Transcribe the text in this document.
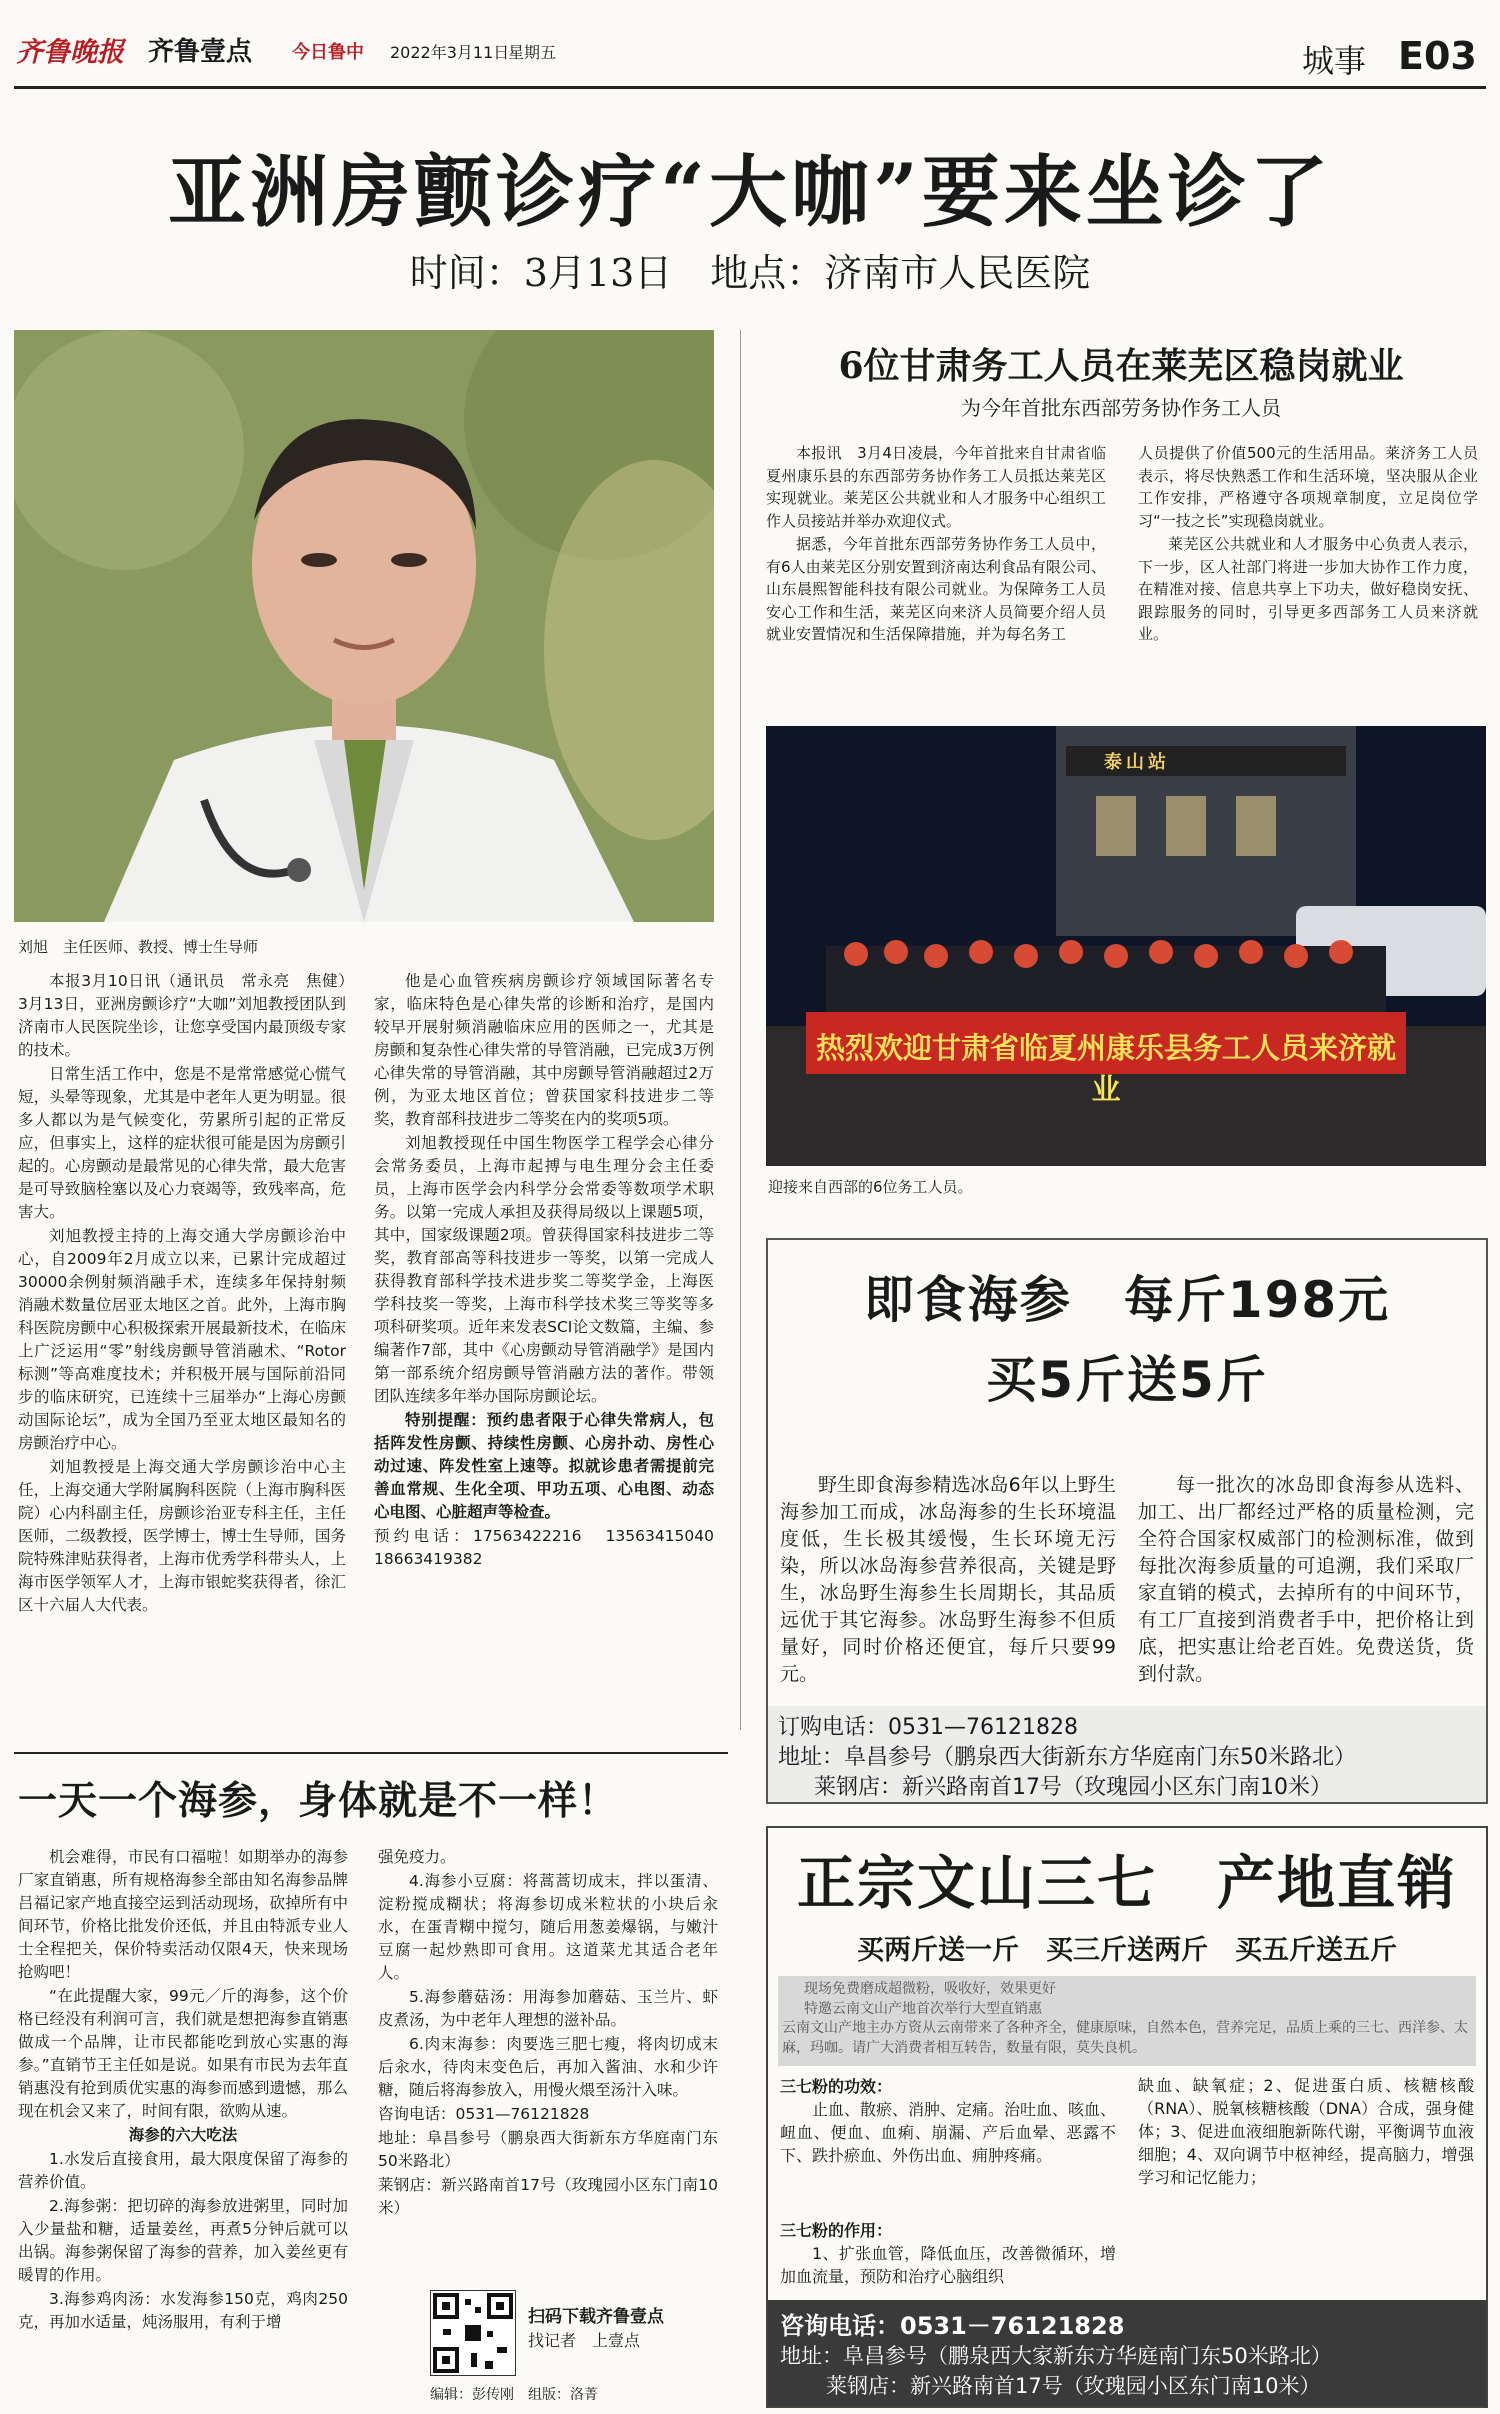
齐鲁晚报 齐鲁壹点 今日鲁中 2022年3月11日
星期五	城事 E03
亚洲房颤诊疗“大咖”要来坐诊了
时间：3月13日　地点：济南市人民医院
刘旭　主任医师、教授、博士生导师

本报3月10日讯（通讯员　常永亮　焦健）　3月13日，亚洲房颤诊疗“大咖”刘旭教授团队到济南市人民医院坐诊，让您享受国内最顶级专家的技术。

日常生活工作中，您是不是常常感觉心慌气短，头晕等现象，尤其是中老年人更为明显。很多人都以为是气候变化，劳累所引起的正常反应，但事实上，这样的症状很可能是因为房颤引起的。心房颤动是最常见的心律失常，最大危害是可导致脑栓塞以及心力衰竭等，致残率高，危害大。

刘旭教授主持的上海交通大学房颤诊治中心，自2009年2月成立以来，已累计完成超过30000余例射频消融手术，连续多年保持射频消融术数量位居亚太地区之首。此外，上海市胸科医院房颤中心积极探索开展最新技术，在临床上广泛运用“零”射线房颤导管消融术、“Rotor标测”等高难度技术；并积极开展与国际前沿同步的临床研究，已连续十三届举办“上海心房颤动国际论坛”，成为全国乃至亚太地区最知名的房颤治疗中心。

刘旭教授是上海交通大学房颤诊治中心主任，上海交通大学附属胸科医院（上海市胸科医院）心内科副主任，房颤诊治亚专科主任，主任医师，二级教授，医学博士，博士生导师，国务院特殊津贴获得者，上海市优秀学科带头人，上海市医学领军人才，上海市银蛇奖获得者，徐汇区十六届人大代表。

他是心血管疾病房颤诊疗领域国际著名专家，临床特色是心律失常的诊断和治疗，是国内较早开展射频消融临床应用的医师之一，尤其是房颤和复杂性心律失常的导管消融，已完成3万例心律失常的导管消融，其中房颤导管消融超过2万例，为亚太地区首位；曾获国家科技进步二等奖，教育部科技进步二等奖在内的奖项5项。

刘旭教授现任中国生物医学工程学会心律分会常务委员，上海市起搏与电生理分会主任委员，上海市医学会内科学分会常委等数项学术职务。以第一完成人承担及获得局级以上课题5项，其中，国家级课题2项。曾获得国家科技进步二等奖，教育部高等科技进步一等奖，以第一完成人获得教育部科学技术进步奖二等奖学金，上海医学科技奖一等奖，上海市科学技术奖三等奖等多项科研奖项。近年来发表SCI论文数篇，主编、参编著作7部，其中《心房颤动导管消融学》是国内第一部系统介绍房颤导管消融方法的著作。带领团队连续多年举办国际房颤论坛。

特别提醒：预约患者限于心律失常病人，包括阵发性房颤、持续性房颤、心房扑动、房性心动过速、阵发性室上速等。拟就诊患者需提前完善血常规、生化全项、甲功五项、心电图、动态心电图、心脏超声等检查。

预约电话：17563422216　13563415040　18663419382

6位甘肃务工人员在莱芜区稳岗就业
为今年首批东西部劳务协作务工人员

本报讯　3月4日凌晨，今年首批来自甘肃省临夏州康乐县的东西部劳务协作务工人员抵达莱芜区实现就业。莱芜区公共就业和人才服务中心组织工作人员接站并举办欢迎仪式。

据悉，今年首批东西部劳务协作务工人员中，有6人由莱芜区分别安置到济南达利食品有限公司、山东晨熙智能科技有限公司就业。为保障务工人员安心工作和生活，莱芜区向来济人员简要介绍人员就业安置情况和生活保障措施，并为每名务工

人员提供了价值500元的生活用品。莱济务工人员表示，将尽快熟悉工作和生活环境，坚决服从企业工作安排，严格遵守各项规章制度，立足岗位学习“一技之长”实现稳岗就业。

莱芜区公共就业和人才服务中心负责人表示，下一步，区人社部门将进一步加大协作工作力度，在精准对接、信息共享上下功夫，做好稳岗安抚、跟踪服务的同时，引导更多西部务工人员来济就业。

泰山站
热烈欢迎甘肃省临夏州康乐县务工人员来济就业
迎接来自西部的6位务工人员。
即食海参　每斤198元
买5斤送5斤

野生即食海参精选冰岛6年以上野生海参加工而成，冰岛海参的生长环境温度低，生长极其缓慢，生长环境无污染，所以冰岛海参营养很高，关键是野生，冰岛野生海参生长周期长，其品质远优于其它海参。冰岛野生海参不但质量好，同时价格还便宜，每斤只要99元。

每一批次的冰岛即食海参从选料、加工、出厂都经过严格的质量检测，完全符合国家权威部门的检测标准，做到每批次海参质量的可追溯，我们采取厂家直销的模式，去掉所有的中间环节，有工厂直接到消费者手中，把价格让到底，把实惠让给老百姓。免费送货，货到付款。

订购电话：0531—76121828
地址：阜昌参号（鹏泉西大街新东方华庭南门东50米路北）
莱钢店：新兴路南首17号（玫瑰园小区东门南10米）
一天一个海参，身体就是不一样！

机会难得，市民有口福啦！如期举办的海参厂家直销惠，所有规格海参全部由知名海参品牌吕福记家产地直接空运到活动现场，砍掉所有中间环节，价格比批发价还低，并且由特派专业人士全程把关，保价特卖活动仅限4天，快来现场抢购吧！

“在此提醒大家，99元／斤的海参，这个价格已经没有利润可言，我们就是想把海参直销惠做成一个品牌，让市民都能吃到放心实惠的海参。”直销节王主任如是说。如果有市民为去年直销惠没有抢到质优实惠的海参而感到遗憾，那么现在机会又来了，时间有限，欲购从速。

海参的六大吃法

1.水发后直接食用，最大限度保留了海参的营养价值。

2.海参粥：把切碎的海参放进粥里，同时加入少量盐和糖，适量姜丝，再煮5分钟后就可以出锅。海参粥保留了海参的营养，加入姜丝更有暖胃的作用。

3.海参鸡肉汤：水发海参150克，鸡肉250克，再加水适量，炖汤服用，有利于增

强免疫力。

4.海参小豆腐：将蒿蒿切成末，拌以蛋清、淀粉搅成糊状；将海参切成米粒状的小块后汆水，在蛋青糊中搅匀，随后用葱姜爆锅，与嫩汁豆腐一起炒熟即可食用。这道菜尤其适合老年人。

5.海参蘑菇汤：用海参加蘑菇、玉兰片、虾皮煮汤，为中老年人理想的滋补品。

6.肉末海参：肉要选三肥七瘦，将肉切成末后汆水，待肉末变色后，再加入酱油、水和少许糖，随后将海参放入，用慢火煨至汤汁入味。

咨询电话：0531—76121828

地址：阜昌参号（鹏泉西大街新东方华庭南门东50米路北）

莱钢店：新兴路南首17号（玫瑰园小区东门南10米）

扫码下载齐鲁壹点
找记者　上壹点
编辑：彭传刚　组版：洛菁
正宗文山三七　产地直销
买两斤送一斤　买三斤送两斤　买五斤送五斤
现场免费磨成超微粉，吸收好，效果更好
特邀云南文山产地首次举行大型直销惠
云南文山产地主办方资从云南带来了各种齐全，健康原味，自然本色，营养完足，品质上乘的三七、西洋参、太麻，玛咖。请广大消费者相互转告，数量有限，莫失良机。
三七粉的功效：
止血、散瘀、消肿、定痛。治吐血、咳血、衄血、便血、血痢、崩漏、产后血晕、恶露不下、跌扑瘀血、外伤出血、痈肿疼痛。
缺血、缺氧症；2、促进蛋白质、核糖核酸（RNA）、脱氧核糖核酸（DNA）合成，强身健体；3、促进血液细胞新陈代谢，平衡调节血液细胞；4、双向调节中枢神经，提高脑力，增强学习和记忆能力；
三七粉的作用：
1、扩张血管，降低血压，改善微循环，增加血流量，预防和治疗心脑组织
咨询电话：0531－76121828
地址：阜昌参号（鹏泉西大家新东方华庭南门东50米路北）
莱钢店：新兴路南首17号（玫瑰园小区东门南10米）
